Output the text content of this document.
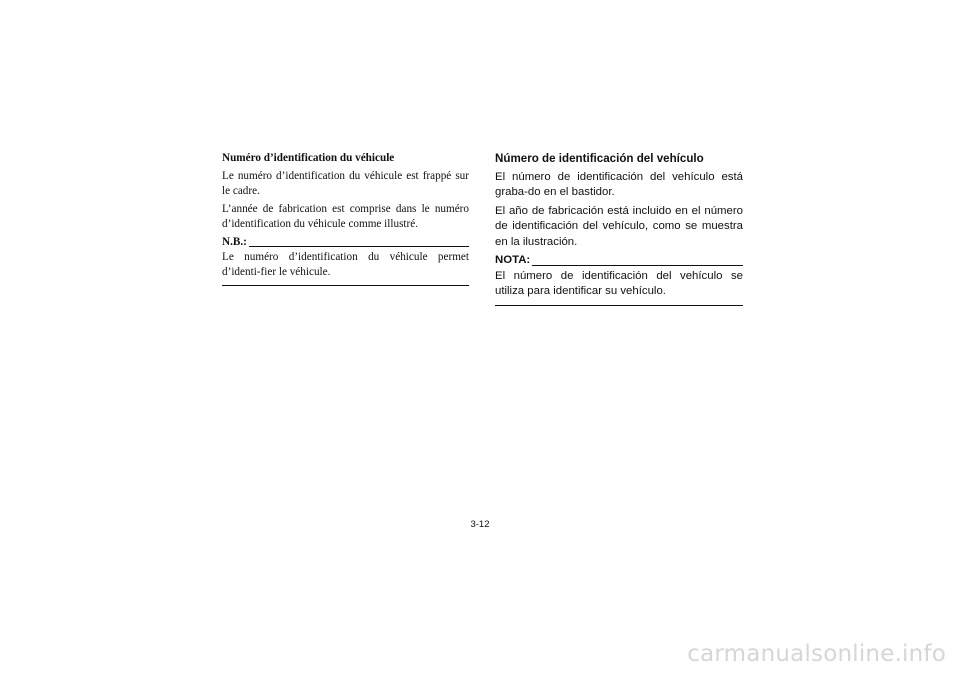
Numéro d’identification du véhicule
Le numéro d’identification du véhicule est frappé sur le cadre.
L’année de fabrication est comprise dans le numéro d’identification du véhicule comme illustré.
N.B.:
Le numéro d’identification du véhicule permet d’identi-fier le véhicule.
Número de identificación del vehículo
El número de identificación del vehículo está graba-do en el bastidor.
El año de fabricación está incluido en el número de identificación del vehículo, como se muestra en la ilustración.
NOTA:
El número de identificación del vehículo se utiliza para identificar su vehículo.
3-12
carmanualsonline.info
